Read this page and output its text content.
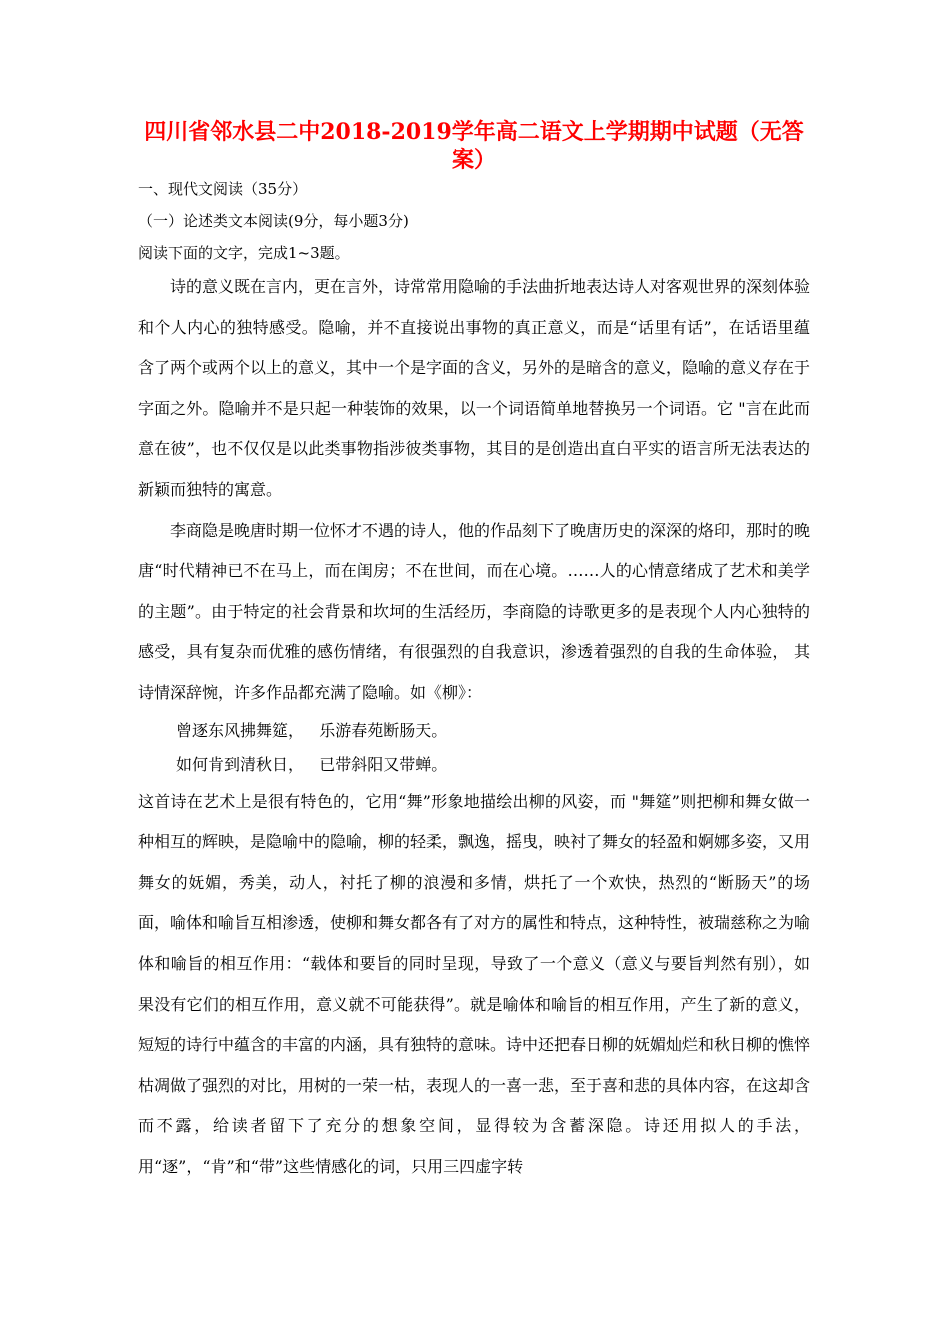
四川省邻水县二中2018-2019学年高二语文上学期期中试题（无答案）

一、现代文阅读（35分）

（一）论述类文本阅读(9分，每小题3分)

阅读下面的文字，完成1~3题。

诗的意义既在言内，更在言外，诗常常用隐喻的手法曲折地表达诗人对客观世界的深刻体验和个人内心的独特感受。隐喻，并不直接说出事物的真正意义，而是“话里有话”，在话语里蕴含了两个或两个以上的意义，其中一个是字面的含义，另外的是暗含的意义，隐喻的意义存在于字面之外。隐喻并不是只起一种装饰的效果，以一个词语简单地替换另一个词语。它 "言在此而意在彼”，也不仅仅是以此类事物指涉彼类事物，其目的是创造出直白平实的语言所无法表达的新颖而独特的寓意。

李商隐是晚唐时期一位怀才不遇的诗人，他的作品刻下了晚唐历史的深深的烙印，那时的晚唐“时代精神已不在马上，而在闺房；不在世间，而在心境。……人的心情意绪成了艺术和美学的主题”。由于特定的社会背景和坎坷的生活经历，李商隐的诗歌更多的是表现个人内心独特的感受，具有复杂而优雅的感伤情绪，有很强烈的自我意识，渗透着强烈的自我的生命体验， 其诗情深辞惋，许多作品都充满了隐喻。如《柳》：

曾逐东风拂舞筵，   乐游春苑断肠天。

如何肯到清秋日，   已带斜阳又带蝉。

这首诗在艺术上是很有特色的，它用“舞”形象地描绘出柳的风姿，而 "舞筵”则把柳和舞女做一种相互的辉映，是隐喻中的隐喻，柳的轻柔，飘逸，摇曳，映衬了舞女的轻盈和婀娜多姿，又用舞女的妩媚，秀美，动人，衬托了柳的浪漫和多情，烘托了一个欢快，热烈的“断肠天”的场面，喻体和喻旨互相渗透，使柳和舞女都各有了对方的属性和特点，这种特性，被瑞慈称之为喻体和喻旨的相互作用：“载体和要旨的同时呈现，导致了一个意义（意义与要旨判然有别），如果没有它们的相互作用，意义就不可能获得”。就是喻体和喻旨的相互作用，产生了新的意义，短短的诗行中蕴含的丰富的内涵，具有独特的意味。诗中还把春日柳的妩媚灿烂和秋日柳的憔悴枯凋做了强烈的对比，用树的一荣一枯，表现人的一喜一悲，至于喜和悲的具体内容，在这却含而不露，给读者留下了充分的想象空间，显得较为含蓄深隐。诗还用拟人的手法，用“逐”，“肯”和“带”这些情感化的词，只用三四虚字转
